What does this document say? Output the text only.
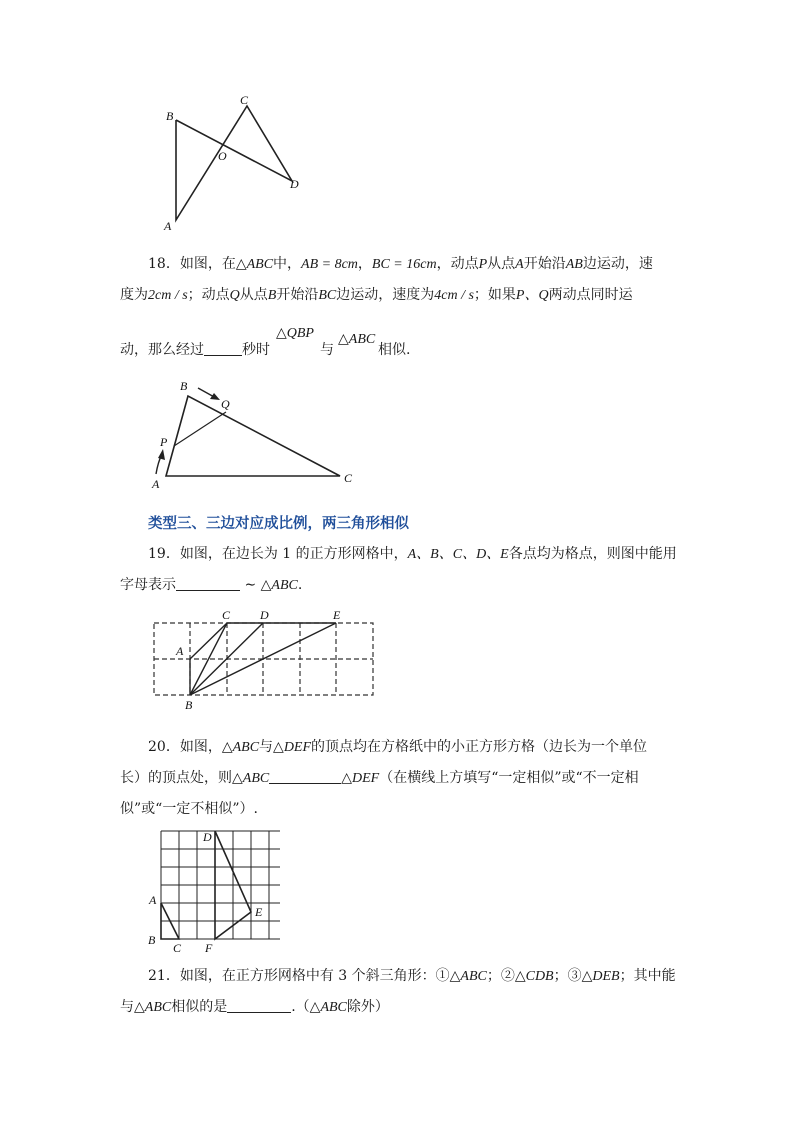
B
C
O
D
A
18．如图，在△ABC中，AB = 8cm，BC = 16cm，动点P从点A开始沿AB边运动，速
度为2cm / s；动点Q从点B开始沿BC边运动，速度为4cm / s；如果P、Q两动点同时运
动，那么经过	秒时
△QBP
与
△ABC
相似.
B
Q
P
A	C
类型三、三边对应成比例，两三角形相似
19．如图，在边长为 1 的正方形网格中，A、B、C、D、E各点均为格点，则图中能用
字母表示	∼ △ABC.
C D	E
A
B
20．如图，△ABC与△DEF的顶点均在方格纸中的小正方形方格（边长为一个单位
长）的顶点处，则△ABC	△DEF（在横线上方填写“一定相似”或“不一定相
似”或“一定不相似”）.
D
A
E
B
C F
21．如图，在正方形网格中有 3 个斜三角形：①△ABC；②△CDB；③△DEB；其中能
与△ABC相似的是	.（△ABC除外）
